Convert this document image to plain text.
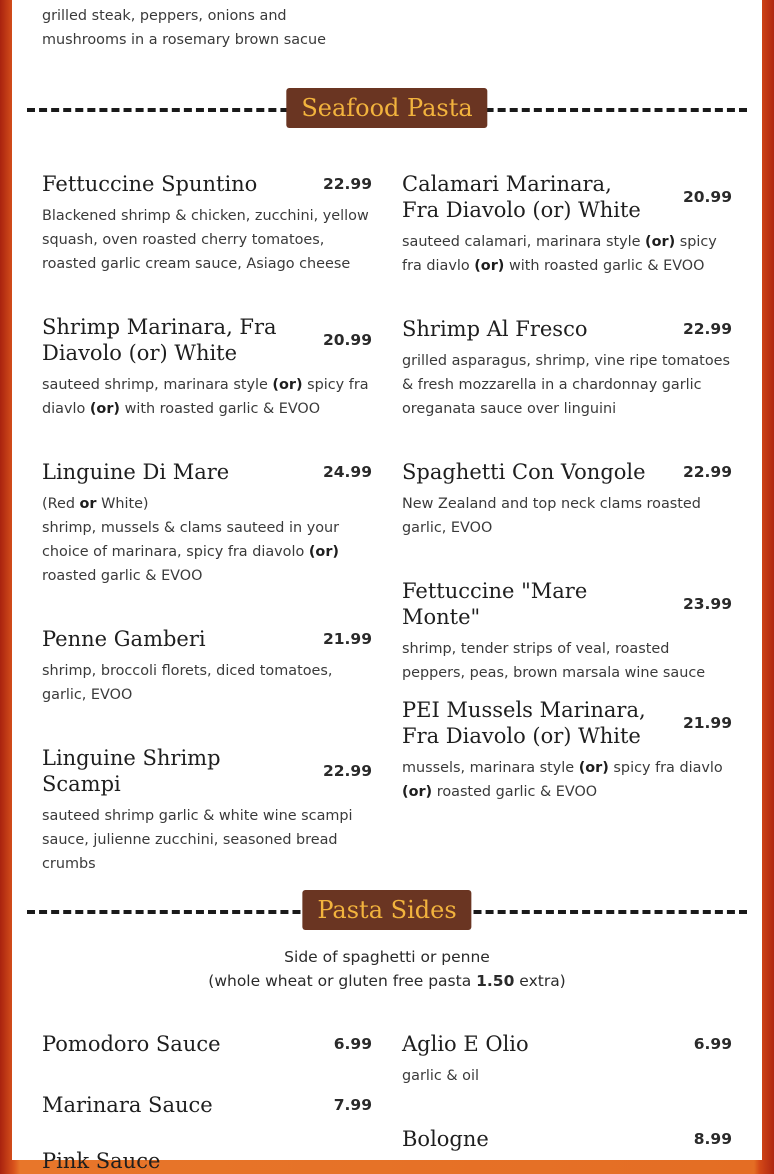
grilled steak, peppers, onions and mushrooms in a rosemary brown sacue
Seafood Pasta
Fettuccine Spuntino	22.99
Blackened shrimp & chicken, zucchini, yellow squash, oven roasted cherry tomatoes, roasted garlic cream sauce, Asiago cheese
Shrimp Marinara, Fra Diavolo (or) White
20.99
sauteed shrimp, marinara style (or) spicy fra diavlo (or) with roasted garlic & EVOO
Linguine Di Mare	24.99
(Red or White)
shrimp, mussels & clams sauteed in your choice of marinara, spicy fra diavolo (or) roasted garlic & EVOO
Penne Gamberi	21.99
shrimp, broccoli florets, diced tomatoes, garlic, EVOO
Linguine Shrimp Scampi
22.99
sauteed shrimp garlic & white wine scampi sauce, julienne zucchini, seasoned bread crumbs
Calamari Marinara, Fra Diavolo (or) White
20.99
sauteed calamari, marinara style (or) spicy fra diavlo (or) with roasted garlic & EVOO
Shrimp Al Fresco	22.99
grilled asparagus, shrimp, vine ripe tomatoes & fresh mozzarella in a chardonnay garlic oreganata sauce over linguini
Spaghetti Con Vongole 22.99
New Zealand and top neck clams roasted garlic, EVOO
Fettuccine "Mare Monte"
23.99
shrimp, tender strips of veal, roasted peppers, peas, brown marsala wine sauce
PEI Mussels Marinara, Fra Diavolo (or) White
21.99
mussels, marinara style (or) spicy fra diavlo (or) roasted garlic & EVOO
Pasta Sides
Side of spaghetti or penne
(whole wheat or gluten free pasta 1.50 extra)
Pomodoro Sauce	6.99
Marinara Sauce	7.99
Pink Sauce
Aglio E Olio	6.99
garlic & oil
Bologne	8.99
